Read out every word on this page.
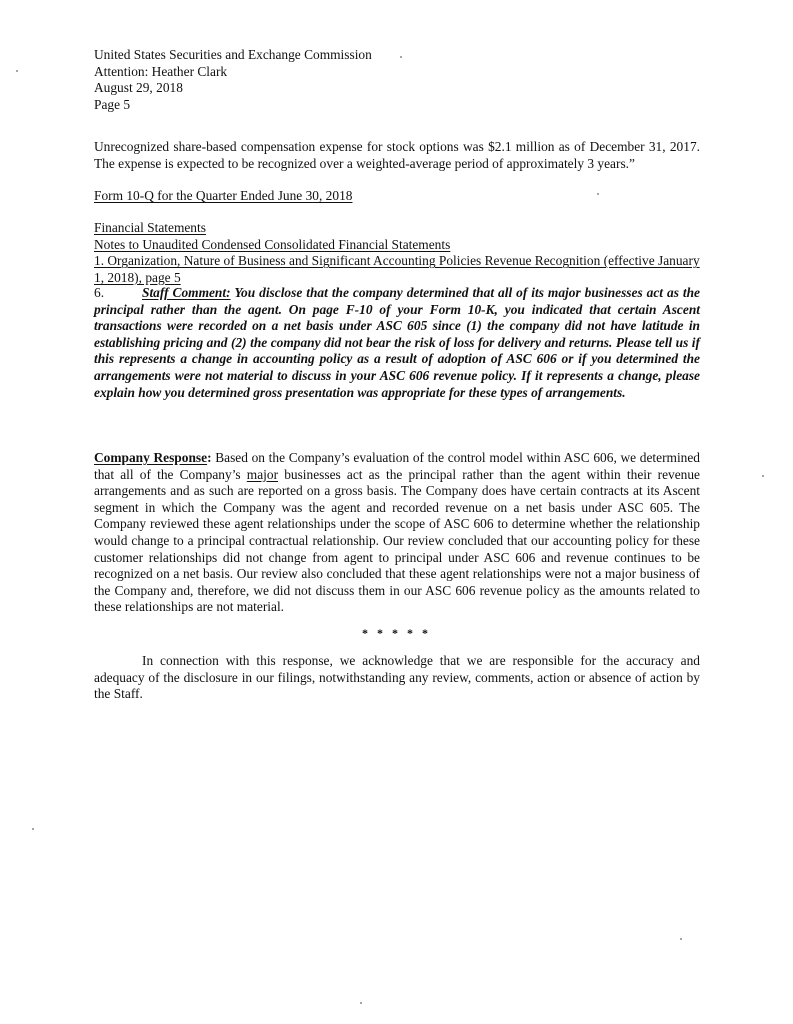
United States Securities and Exchange Commission
Attention: Heather Clark
August 29, 2018
Page 5
Unrecognized share-based compensation expense for stock options was $2.1 million as of December 31, 2017. The expense is expected to be recognized over a weighted-average period of approximately 3 years.”
Form 10-Q for the Quarter Ended June 30, 2018
Financial Statements
Notes to Unaudited Condensed Consolidated Financial Statements
1. Organization, Nature of Business and Significant Accounting Policies Revenue Recognition (effective January 1, 2018), page 5
6.	Staff Comment: You disclose that the company determined that all of its major businesses act as the principal rather than the agent. On page F-10 of your Form 10-K, you indicated that certain Ascent transactions were recorded on a net basis under ASC 605 since (1) the company did not have latitude in establishing pricing and (2) the company did not bear the risk of loss for delivery and returns. Please tell us if this represents a change in accounting policy as a result of adoption of ASC 606 or if you determined the arrangements were not material to discuss in your ASC 606 revenue policy. If it represents a change, please explain how you determined gross presentation was appropriate for these types of arrangements.
Company Response: Based on the Company’s evaluation of the control model within ASC 606, we determined that all of the Company’s major businesses act as the principal rather than the agent within their revenue arrangements and as such are reported on a gross basis. The Company does have certain contracts at its Ascent segment in which the Company was the agent and recorded revenue on a net basis under ASC 605. The Company reviewed these agent relationships under the scope of ASC 606 to determine whether the relationship would change to a principal contractual relationship. Our review concluded that our accounting policy for these customer relationships did not change from agent to principal under ASC 606 and revenue continues to be recognized on a net basis. Our review also concluded that these agent relationships were not a major business of the Company and, therefore, we did not discuss them in our ASC 606 revenue policy as the amounts related to these relationships are not material.
* * * * *
In connection with this response, we acknowledge that we are responsible for the accuracy and adequacy of the disclosure in our filings, notwithstanding any review, comments, action or absence of action by the Staff.
